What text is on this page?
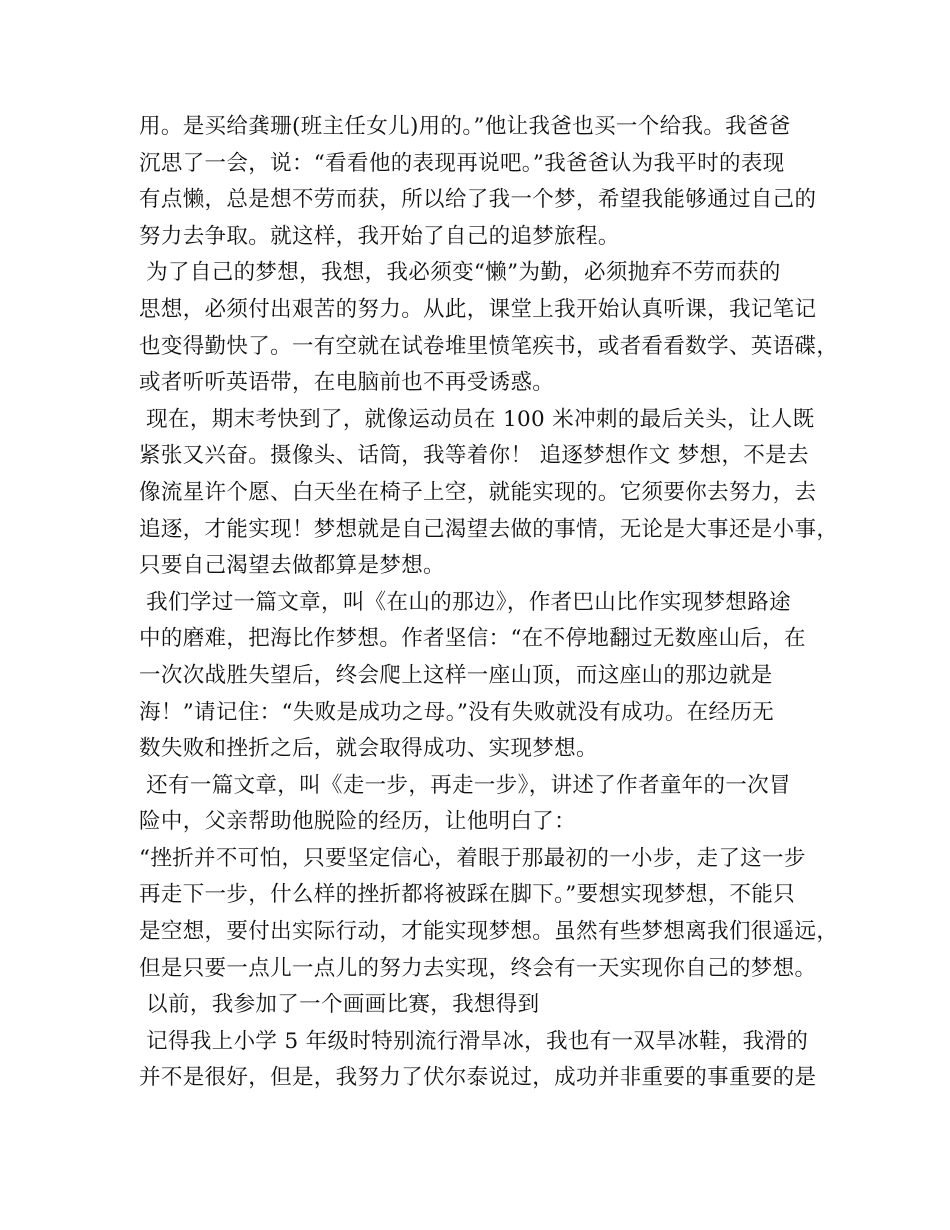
用。是买给龚珊(班主任女儿)用的。”他让我爸也买一个给我。我爸爸
沉思了一会，说：“看看他的表现再说吧。”我爸爸认为我平时的表现
有点懒，总是想不劳而获，所以给了我一个梦，希望我能够通过自己的
努力去争取。就这样，我开始了自己的追梦旅程。
为了自己的梦想，我想，我必须变“懒”为勤，必须抛弃不劳而获的
思想，必须付出艰苦的努力。从此，课堂上我开始认真听课，我记笔记
也变得勤快了。一有空就在试卷堆里愤笔疾书，或者看看数学、英语碟，
或者听听英语带，在电脑前也不再受诱惑。
现在，期末考快到了，就像运动员在 100 米冲刺的最后关头，让人既
紧张又兴奋。摄像头、话筒，我等着你！ 追逐梦想作文 梦想，不是去
像流星许个愿、白天坐在椅子上空，就能实现的。它须要你去努力，去
追逐，才能实现！梦想就是自己渴望去做的事情，无论是大事还是小事，
只要自己渴望去做都算是梦想。
我们学过一篇文章，叫《在山的那边》，作者巴山比作实现梦想路途
中的磨难，把海比作梦想。作者坚信：“在不停地翻过无数座山后，在
一次次战胜失望后，终会爬上这样一座山顶，而这座山的那边就是
海！”请记住：“失败是成功之母。”没有失败就没有成功。在经历无
数失败和挫折之后，就会取得成功、实现梦想。
还有一篇文章，叫《走一步，再走一步》，讲述了作者童年的一次冒
险中，父亲帮助他脱险的经历，让他明白了：
“挫折并不可怕，只要坚定信心，着眼于那最初的一小步，走了这一步
再走下一步，什么样的挫折都将被踩在脚下。”要想实现梦想，不能只
是空想，要付出实际行动，才能实现梦想。虽然有些梦想离我们很遥远，
但是只要一点儿一点儿的努力去实现，终会有一天实现你自己的梦想。
以前，我参加了一个画画比赛，我想得到
记得我上小学 5 年级时特别流行滑旱冰，我也有一双旱冰鞋，我滑的
并不是很好，但是，我努力了伏尔泰说过，成功并非重要的事重要的是
